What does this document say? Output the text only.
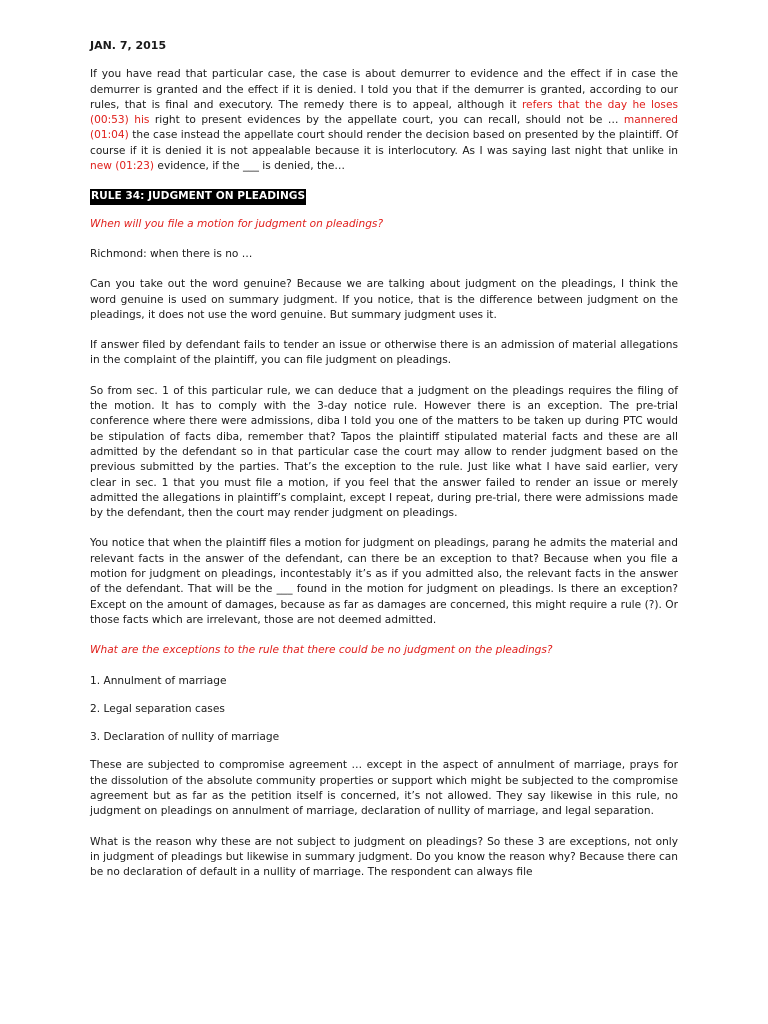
JAN. 7, 2015

If you have read that particular case, the case is about demurrer to evidence and the effect if in case the demurrer is granted and the effect if it is denied. I told you that if the demurrer is granted, according to our rules, that is final and executory. The remedy there is to appeal, although it refers that the day he loses (00:53) his right to present evidences by the appellate court, you can recall, should not be … mannered (01:04) the case instead the appellate court should render the decision based on presented by the plaintiff. Of course if it is denied it is not appealable because it is interlocutory. As I was saying last night that unlike in new (01:23) evidence, if the ___ is denied, the…

RULE 34: JUDGMENT ON PLEADINGS

When will you file a motion for judgment on pleadings?

Richmond: when there is no …

Can you take out the word genuine? Because we are talking about judgment on the pleadings, I think the word genuine is used on summary judgment. If you notice, that is the difference between judgment on the pleadings, it does not use the word genuine. But summary judgment uses it.

If answer filed by defendant fails to tender an issue or otherwise there is an admission of material allegations in the complaint of the plaintiff, you can file judgment on pleadings.

So from sec. 1 of this particular rule, we can deduce that a judgment on the pleadings requires the filing of the motion. It has to comply with the 3-day notice rule. However there is an exception. The pre-trial conference where there were admissions, diba I told you one of the matters to be taken up during PTC would be stipulation of facts diba, remember that? Tapos the plaintiff stipulated material facts and these are all admitted by the defendant so in that particular case the court may allow to render judgment based on the previous submitted by the parties. That’s the exception to the rule. Just like what I have said earlier, very clear in sec. 1 that you must file a motion, if you feel that the answer failed to render an issue or merely admitted the allegations in plaintiff’s complaint, except I repeat, during pre-trial, there were admissions made by the defendant, then the court may render judgment on pleadings.

You notice that when the plaintiff files a motion for judgment on pleadings, parang he admits the material and relevant facts in the answer of the defendant, can there be an exception to that? Because when you file a motion for judgment on pleadings, incontestably it’s as if you admitted also, the relevant facts in the answer of the defendant. That will be the ___ found in the motion for judgment on pleadings. Is there an exception? Except on the amount of damages, because as far as damages are concerned, this might require a rule (?). Or those facts which are irrelevant, those are not deemed admitted.

What are the exceptions to the rule that there could be no judgment on the pleadings?

1. Annulment of marriage
2. Legal separation cases
3. Declaration of nullity of marriage

These are subjected to compromise agreement … except in the aspect of annulment of marriage, prays for the dissolution of the absolute community properties or support which might be subjected to the compromise agreement but as far as the petition itself is concerned, it’s not allowed. They say likewise in this rule, no judgment on pleadings on annulment of marriage, declaration of nullity of marriage, and legal separation.

What is the reason why these are not subject to judgment on pleadings? So these 3 are exceptions, not only in judgment of pleadings but likewise in summary judgment. Do you know the reason why? Because there can be no declaration of default in a nullity of marriage. The respondent can always file
